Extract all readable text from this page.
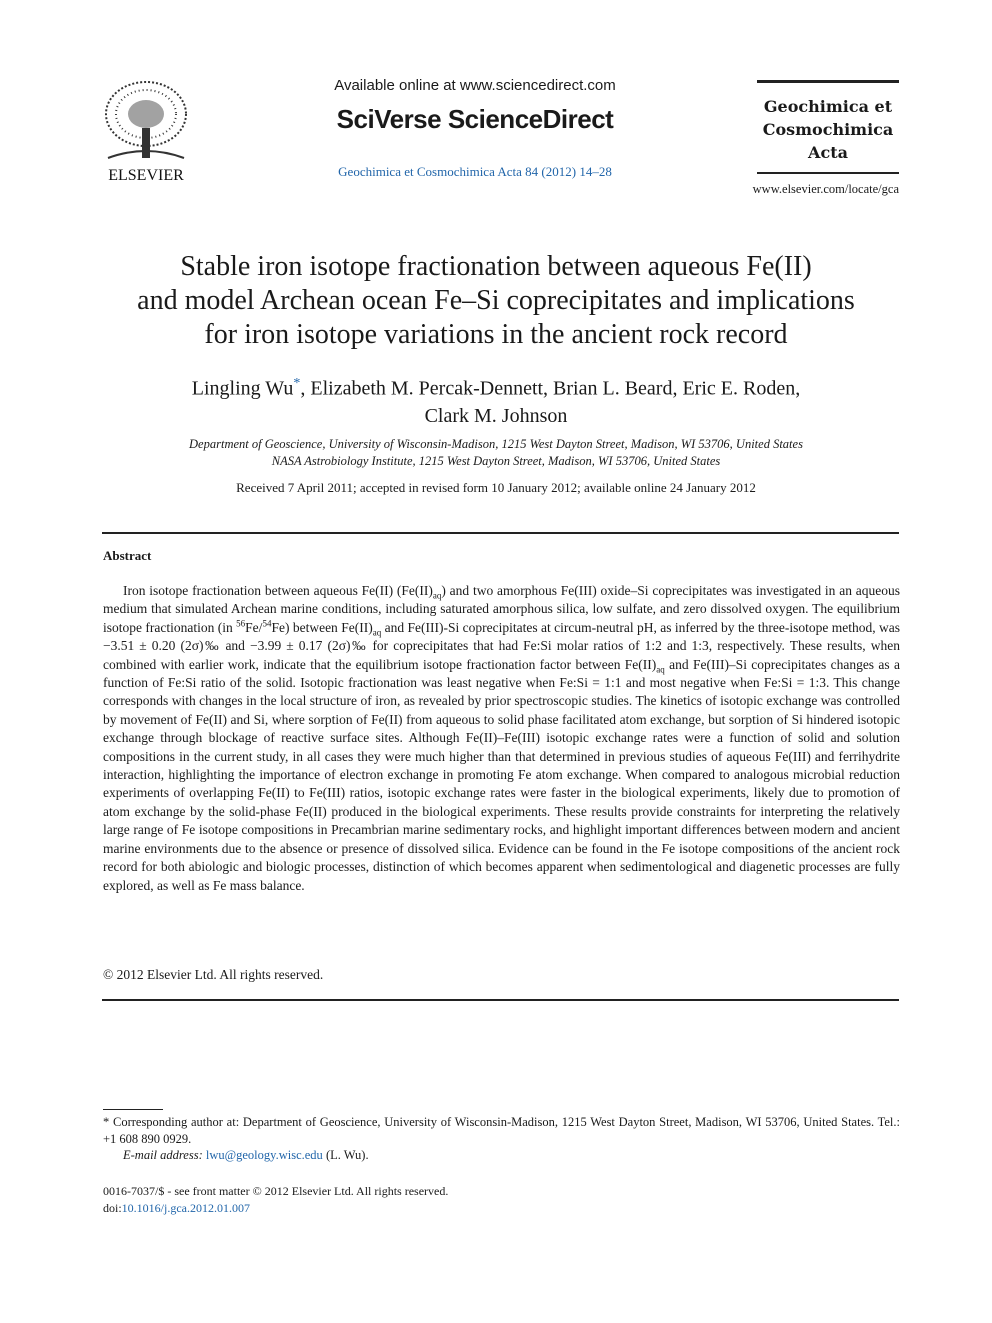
ELSEVIER
Available online at www.sciencedirect.com
SciVerse ScienceDirect
Geochimica et Cosmochimica Acta 84 (2012) 14–28
Geochimica et
Cosmochimica
Acta
www.elsevier.com/locate/gca
Stable iron isotope fractionation between aqueous Fe(II)
and model Archean ocean Fe–Si coprecipitates and implications
for iron isotope variations in the ancient rock record
Lingling Wu*, Elizabeth M. Percak-Dennett, Brian L. Beard, Eric E. Roden,
Clark M. Johnson
Department of Geoscience, University of Wisconsin-Madison, 1215 West Dayton Street, Madison, WI 53706, United States
NASA Astrobiology Institute, 1215 West Dayton Street, Madison, WI 53706, United States
Received 7 April 2011; accepted in revised form 10 January 2012; available online 24 January 2012
Abstract

Iron isotope fractionation between aqueous Fe(II) $(Fe(II)_{aq})$ and two amorphous Fe(III) oxide–Si coprecipitates was investigated in an aqueous medium that simulated Archean marine conditions, including saturated amorphous silica, low sulfate, and zero dissolved oxygen. The equilibrium isotope fractionation (in $^{56}$Fe/$^{54}$Fe) between $Fe(II)_{aq}$ and Fe(III)-Si coprecipitates at circum-neutral pH, as inferred by the three-isotope method, was −3.51 ± 0.20 (2σ)‰ and −3.99 ± 0.17 (2σ)‰ for coprecipitates that had Fe:Si molar ratios of 1:2 and 1:3, respectively. These results, when combined with earlier work, indicate that the equilibrium isotope fractionation factor between $Fe(II)_{aq}$ and Fe(III)–Si coprecipitates changes as a function of Fe:Si ratio of the solid. Isotopic fractionation was least negative when Fe:Si = 1:1 and most negative when Fe:Si = 1:3. This change corresponds with changes in the local structure of iron, as revealed by prior spectroscopic studies. The kinetics of isotopic exchange was controlled by movement of Fe(II) and Si, where sorption of Fe(II) from aqueous to solid phase facilitated atom exchange, but sorption of Si hindered isotopic exchange through blockage of reactive surface sites. Although Fe(II)–Fe(III) isotopic exchange rates were a function of solid and solution compositions in the current study, in all cases they were much higher than that determined in previous studies of aqueous Fe(III) and ferrihydrite interaction, highlighting the importance of electron exchange in promoting Fe atom exchange. When compared to analogous microbial reduction experiments of overlapping Fe(II) to Fe(III) ratios, isotopic exchange rates were faster in the biological experiments, likely due to promotion of atom exchange by the solid-phase Fe(II) produced in the biological experiments. These results provide constraints for interpreting the relatively large range of Fe isotope compositions in Precambrian marine sedimentary rocks, and highlight important differences between modern and ancient marine environments due to the absence or presence of dissolved silica. Evidence can be found in the Fe isotope compositions of the ancient rock record for both abiologic and biologic processes, distinction of which becomes apparent when sedimentological and diagenetic processes are fully explored, as well as Fe mass balance.

© 2012 Elsevier Ltd. All rights reserved.
* Corresponding author at: Department of Geoscience, University of Wisconsin-Madison, 1215 West Dayton Street, Madison, WI 53706, United States. Tel.: +1 608 890 0929.
E-mail address: lwu@geology.wisc.edu (L. Wu).
0016-7037/$ - see front matter © 2012 Elsevier Ltd. All rights reserved.
doi:10.1016/j.gca.2012.01.007
